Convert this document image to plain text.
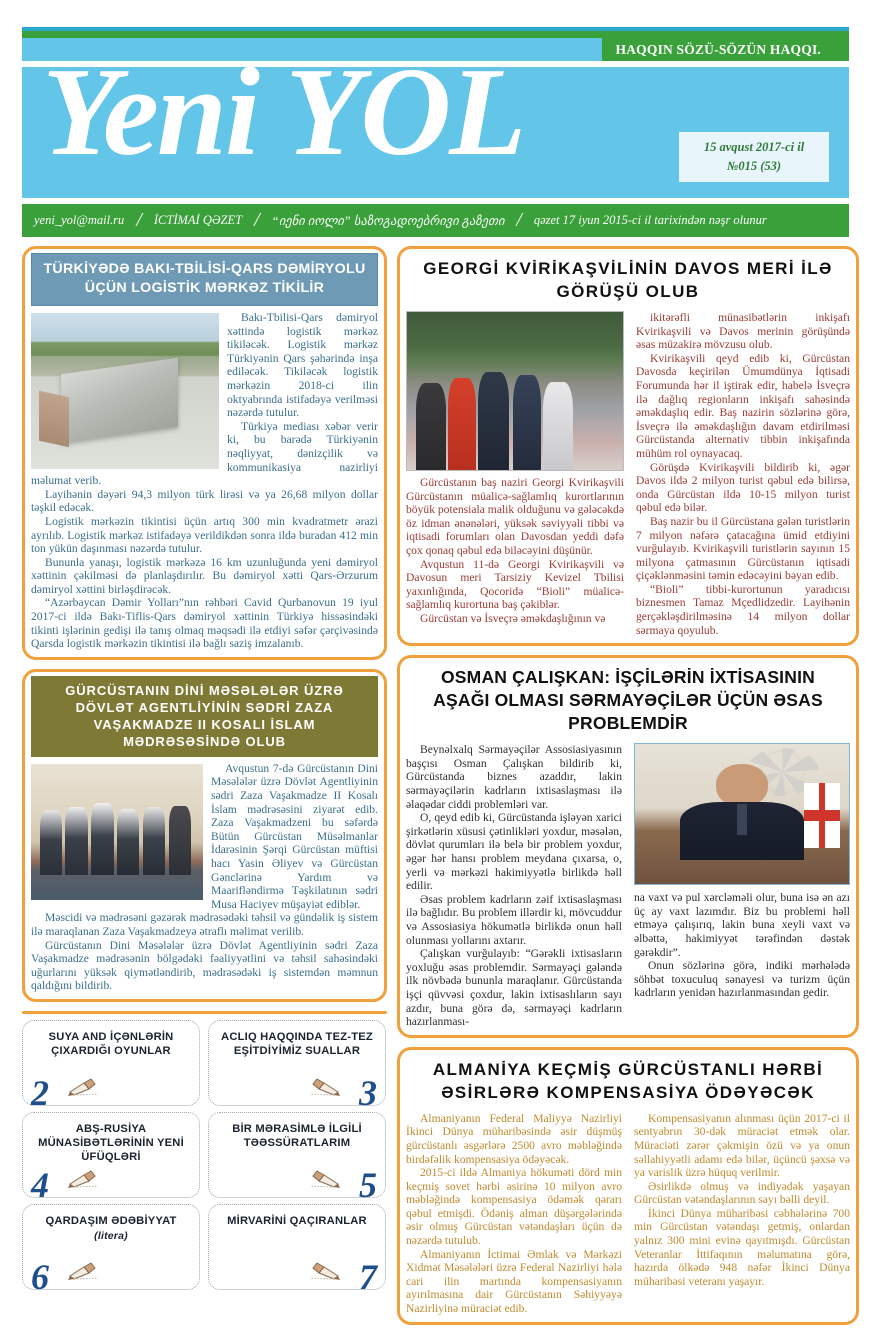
HAQQIN SÖZÜ-SÖZÜN HAQQI.
Yeni YOL	15 avqust 2017-ci il
№015 (53)
yeni_yol@mail.ru / İCTİMAİ QƏZET / “იენი იოლი” საზოგადოებრივი გაზეთი / qəzet 17 iyun 2015-ci il tarixindən nəşr olunur
TÜRKİYƏDƏ BAKI-TBİLİSİ-QARS DƏMİRYOLU ÜÇÜN LOGİSTİK MƏRKƏZ TİKİLİR

Bakı-Tbilisi-Qars dəmiryol xəttində logistik mərkəz tikiləcək. Logistik mərkəz Türkiyənin Qars şəhərində inşa ediləcək. Tikiləcək logistik mərkəzin 2018-ci ilin oktyabrında istifadəyə verilməsi nəzərdə tutulur.

Türkiyə mediası xəbər verir ki, bu barədə Türkiyənin nəqliyyat, dənizçilik və kommunikasiya nazirliyi məlumat verib.

Layihənin dəyəri 94,3 milyon türk lirəsi və ya 26,68 milyon dollar təşkil edəcək.

Logistik mərkəzin tikintisi üçün artıq 300 min kvadratmetr ərazi ayrılıb. Logistik mərkəz istifadəyə verildikdən sonra ildə buradan 412 min ton yükün daşınması nəzərdə tutulur.

Bununla yanaşı, logistik mərkəzə 16 km uzunluğunda yeni dəmiryol xəttinin çəkilməsi də planlaşdırılır. Bu dəmiryol xətti Qars-Ərzurum dəmiryol xəttini birləşdirəcək.

“Azərbaycan Dəmir Yolları”nın rəhbəri Cavid Qurbanovun 19 iyul 2017-ci ildə Bakı-Tiflis-Qars dəmiryol xəttinin Türkiyə hissəsindəki tikinti işlərinin gedişi ilə tanış olmaq məqsədi ilə etdiyi səfər çərçivəsində Qarsda logistik mərkəzin tikintisi ilə bağlı saziş imzalanıb.

GÜRCÜSTANIN DİNİ MƏSƏLƏLƏR ÜZRƏ DÖVLƏT AGENTLİYİNİN SƏDRİ ZAZA VAŞAKMADZE II KOSALI İSLAM MƏDRƏSƏSİNDƏ OLUB

Avqustun 7-də Gürcüstanın Dini Məsələlər üzrə Dövlət Agentliyinin sədri Zaza Vaşakmadze II Kosalı İslam mədrəsəsini ziyarət edib. Zaza Vaşakmadzeni bu səfərdə Bütün Gürcüstan Müsəlmanlar İdarəsinin Şərqi Gürcüstan müftisi hacı Yasin Əliyev və Gürcüstan Gənclərinə Yardım və Maarifləndirmə Təşkilatının sədri Musa Haciyev müşayiət ediblər.

Məscidi və mədrəsəni gəzərək mədrəsədəki təhsil və gündəlik iş sistem ilə maraqlanan Zaza Vaşakmadzeyə ətraflı məlimat verilib.

Gürcüstanın Dini Məsələlər üzrə Dövlət Agentliyinin sədri Zaza Vaşakmadze mədrəsənin bölgədəki fəaliyyətlini və təhsil sahəsindəki uğurlarını yüksək qiymətləndirib, mədrəsədəki iş sistemdən məmnun qaldığını bildirib.

SUYA AND İÇƏNLƏRİN ÇIXARDIĞI OYUNLAR
2
ACLIQ HAQQINDA TEZ-TEZ EŞİTDİYİMİZ SUALLAR
3
ABŞ-RUSİYA MÜNASİBƏTLƏRİNİN YENİ ÜFÜQLƏRİ
4
BİR MƏRASİMLƏ İLGİLİ TƏƏSSÜRATLARIM
5
QARDAŞIM ƏDƏBİYYAT
(litera)
6
MİRVARİNİ QAÇIRANLAR
7
GEORGİ KVİRİKAŞVİLİNİN DAVOS MERİ İLƏ GÖRÜŞÜ OLUB

Gürcüstanın baş naziri Georgi Kvirikaşvili Gürcüstanın müalicə-sağlamlıq kurortlarının böyük potensiala malik olduğunu və gələcəkdə öz idman ənənələri, yüksək səviyyəli tibbi və iqtisadi forumları olan Davosdan yeddi dəfə çox qonaq qəbul edə biləcəyini düşünür.

Avqustun 11-də Georgi Kvirikaşvili və Davosun meri Tarsiziy Kevizel Tbilisi yaxınlığında, Qocoridə “Bioli” müalicə-sağlamlıq kurortuna baş çəkiblər.

Gürcüstan və İsveçrə əməkdaşlığının və

ikitərəfli münasibətlərin inkişafı Kvirikaşvili və Davos merinin görüşündə əsas müzakirə mövzusu olub.

Kvirikaşvili qeyd edib ki, Gürcüstan Davosda keçirilən Ümumdünya İqtisadi Forumunda hər il iştirak edir, habelə İsveçrə ilə dağlıq regionların inkişafı sahəsində əməkdaşlıq edir. Baş nazirin sözlərinə görə, İsveçrə ilə əməkdaşlığın davam etdirilməsi Gürcüstanda alternativ tibbin inkişafında mühüm rol oynayacaq.

Görüşdə Kvirikaşvili bildirib ki, əgər Davos ildə 2 milyon turist qəbul edə bilirsə, onda Gürcüstan ildə 10-15 milyon turist qəbul edə bilər.

Baş nazir bu il Gürcüstana gələn turistlərin 7 milyon nəfərə çatacağına ümid etdiyini vurğulayıb. Kvirikaşvili turistlərin sayının 15 milyona çatmasının Gürcüstanın iqtisadi çiçəklənməsini təmin edəcəyini bəyan edib.

“Bioli” tibbi-kurortunun yaradıcısı biznesmen Tamaz Mçedlidzedir. Layihənin gerçəkləşdirilməsinə 14 milyon dollar sərmaya qoyulub.

OSMAN ÇALIŞKAN: İŞÇİLƏRİN İXTİSASININ AŞAĞI OLMASI SƏRMAYƏÇİLƏR ÜÇÜN ƏSAS PROBLEMDİR

Beynəlxalq Sərmayəçilər Assosiasiyasının başçısı Osman Çalışkan bildirib ki, Gürcüstanda biznes azaddır, lakin sərmayəçilərin kadrların ixtisaslaşması ilə əlaqədar ciddi problemləri var.

O, qeyd edib ki, Gürcüstanda işləyən xarici şirkətlərin xüsusi çətinlikləri yoxdur, məsələn, dövlət qurumları ilə belə bir problem yoxdur, əgər hər hansı problem meydana çıxarsa, o, yerli və mərkəzi hakimiyyətlə birlikdə həll edilir.

Əsas problem kadrların zəif ixtisaslaşması ilə bağlıdır. Bu problem illərdir ki, mövcuddur və Assosiasiya hökumətlə birlikdə onun həll olunması yollarını axtarır.

Çalışkan vurğulayıb: “Gərəkli ixtisasların yoxluğu əsas problemdir. Sərmayəçi gələndə ilk növbədə bununla maraqlanır. Gürcüstanda işçi qüvvəsi çoxdur, lakin ixtisaslıların sayı azdır, buna görə də, sərmayəçi kadrların hazırlanması-

na vaxt və pul xərcləməli olur, buna isə ən azı üç ay vaxt lazımdır. Biz bu problemi həll etməyə çalışırıq, lakin buna xeyli vaxt və əlbəttə, hakimiyyət tərəfindən dəstək gərəkdir”.

Onun sözlərinə görə, indiki mərhələdə söhbət toxuculuq sənayesi və turizm üçün kadrların yenidən hazırlanmasından gedir.

ALMANİYA KEÇMİŞ GÜRCÜSTANLI HƏRBİ ƏSİRLƏRƏ KOMPENSASİYA ÖDƏYƏCƏK

Almaniyanın Federal Maliyyə Nazirliyi İkinci Dünya müharibəsində əsir düşmüş gürcüstanlı əsgərlərə 2500 avro məbləğində birdəfəlik kompensasiya ödəyəcək.

2015-ci ildə Almaniya hökuməti dörd min keçmiş sovet hərbi əsirinə 10 milyon avro məbləğində kompensasiya ödəmək qərarı qəbul etmişdi. Ödəniş alman düşərgələrində əsir olmuş Gürcüstan vətəndaşları üçün də nəzərdə tutulub.

Almaniyanın İctimai Əmlak və Mərkəzi Xidmət Məsələləri üzrə Federal Nazirliyi hələ cari ilin martında kompensasiyanın ayırılmasına dair Gürcüstanın Səhiyyəyə Nazirliyinə müraciət edib.

Kompensasiyanın alınması üçün 2017-ci il sentyabrın 30-dək müraciət etmək olar. Müraciəti zərər çəkmişin özü və ya onun səllahiyyətli adamı edə bilər, üçüncü şəxsə və ya varislik üzrə hüquq verilmir.

Əsirlikdə olmuş və indiyədək yaşayan Gürcüstan vətəndaşlarının sayı bəlli deyil.

İkinci Dünya müharibəsi cəbhələrinə 700 min Gürcüstan vətəndaşı getmiş, onlardan yalnız 300 mini evinə qayıtmışdı. Gürcüstan Veteranlar İttifaqının məlumatına görə, hazırda ölkədə 948 nəfər İkinci Dünya müharibəsi veteranı yaşayır.
